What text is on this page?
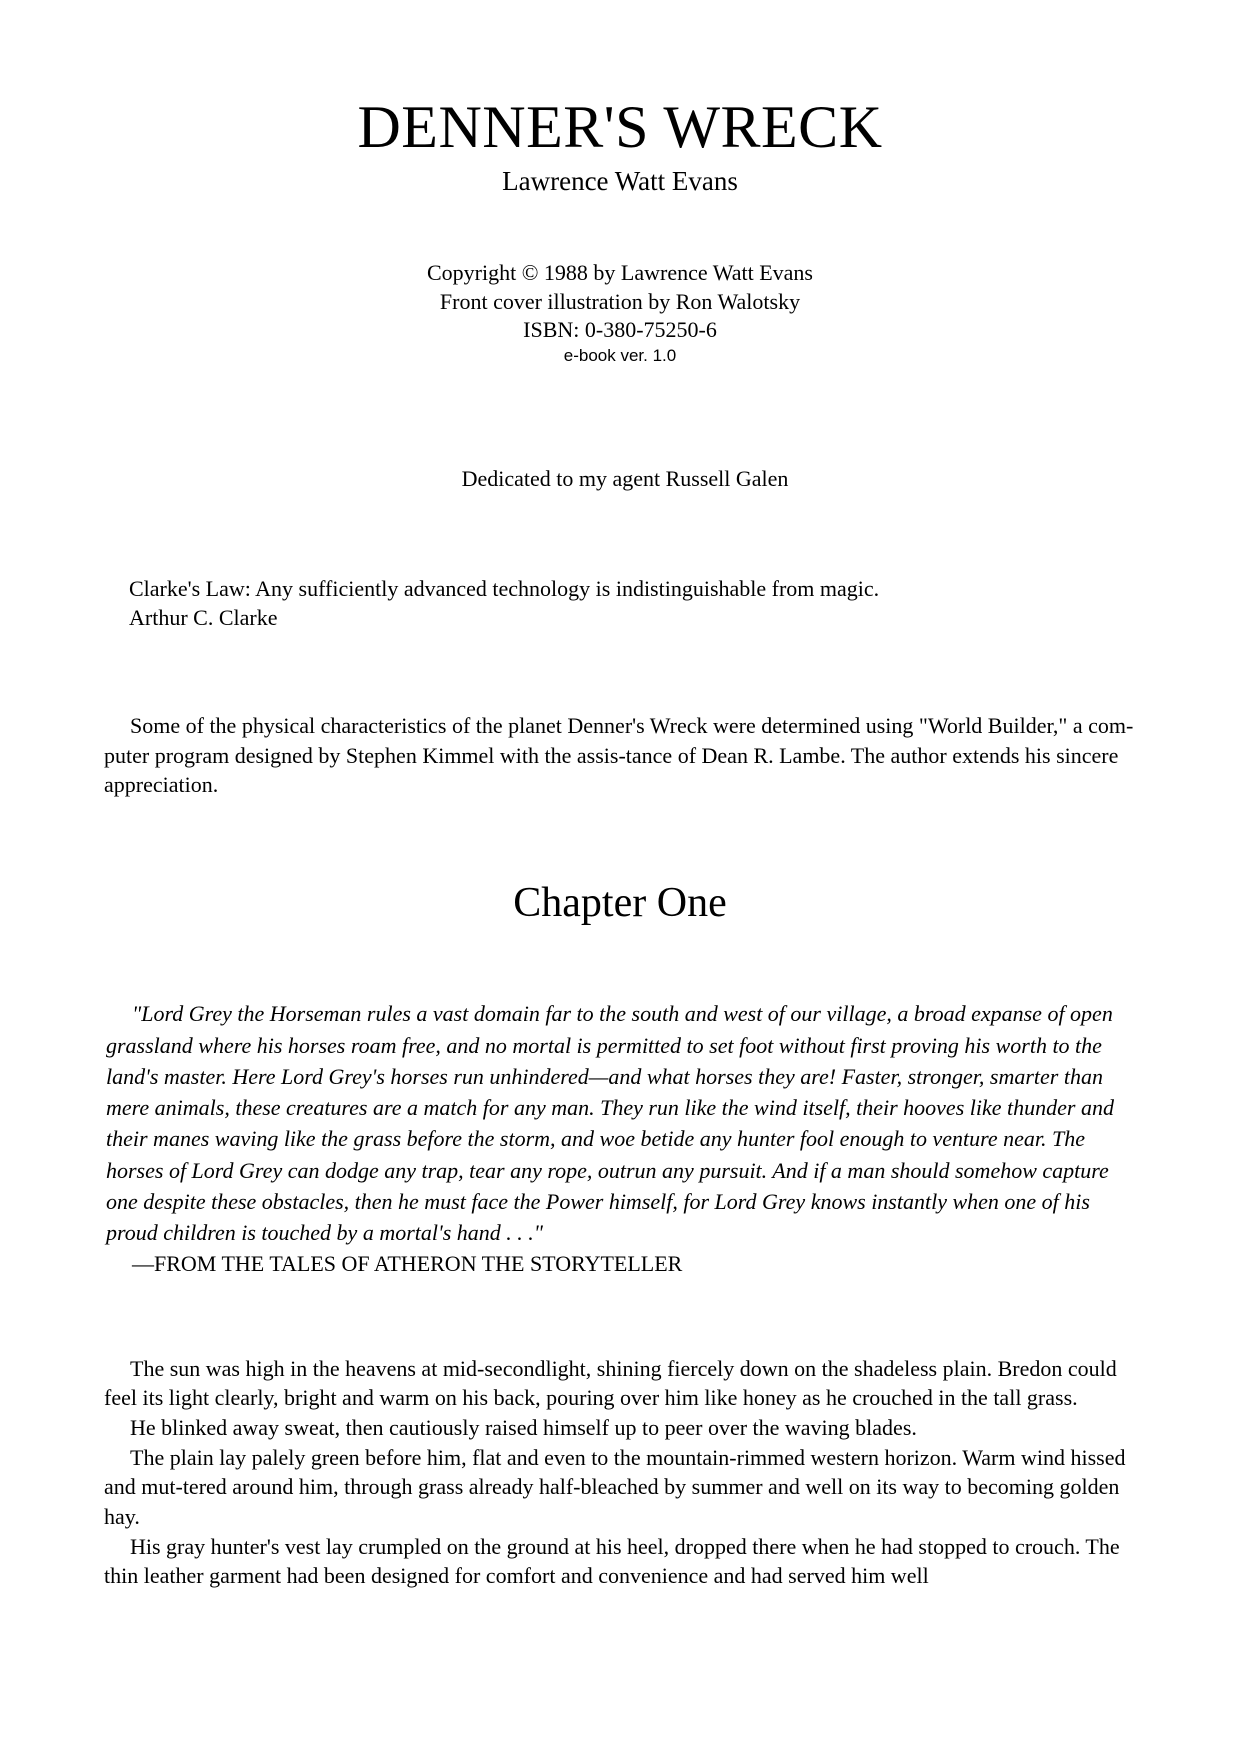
DENNER'S WRECK
Lawrence Watt Evans
Copyright © 1988 by Lawrence Watt Evans
Front cover illustration by Ron Walotsky
ISBN: 0-380-75250-6
e-book ver. 1.0
Dedicated to my agent Russell Galen
Clarke's Law: Any sufficiently advanced technology is indistinguishable from magic.
Arthur C. Clarke
Some of the physical characteristics of the planet Denner's Wreck were determined using "World Builder," a com-puter program designed by Stephen Kimmel with the assis-tance of Dean R. Lambe. The author extends his sincere appreciation.
Chapter One
"Lord Grey the Horseman rules a vast domain far to the south and west of our village, a broad expanse of open grassland where his horses roam free, and no mortal is permitted to set foot without first proving his worth to the land's master. Here Lord Grey's horses run unhindered—and what horses they are! Faster, stronger, smarter than mere animals, these creatures are a match for any man. They run like the wind itself, their hooves like thunder and their manes waving like the grass before the storm, and woe betide any hunter fool enough to venture near. The horses of Lord Grey can dodge any trap, tear any rope, outrun any pursuit. And if a man should somehow capture one despite these obstacles, then he must face the Power himself, for Lord Grey knows instantly when one of his proud children is touched by a mortal's hand . . ."
—FROM THE TALES OF ATHERON THE STORYTELLER

The sun was high in the heavens at mid-secondlight, shining fiercely down on the shadeless plain. Bredon could feel its light clearly, bright and warm on his back, pouring over him like honey as he crouched in the tall grass.

He blinked away sweat, then cautiously raised himself up to peer over the waving blades.

The plain lay palely green before him, flat and even to the mountain-rimmed western horizon. Warm wind hissed and mut-tered around him, through grass already half-bleached by summer and well on its way to becoming golden hay.

His gray hunter's vest lay crumpled on the ground at his heel, dropped there when he had stopped to crouch. The thin leather garment had been designed for comfort and convenience and had served him well
